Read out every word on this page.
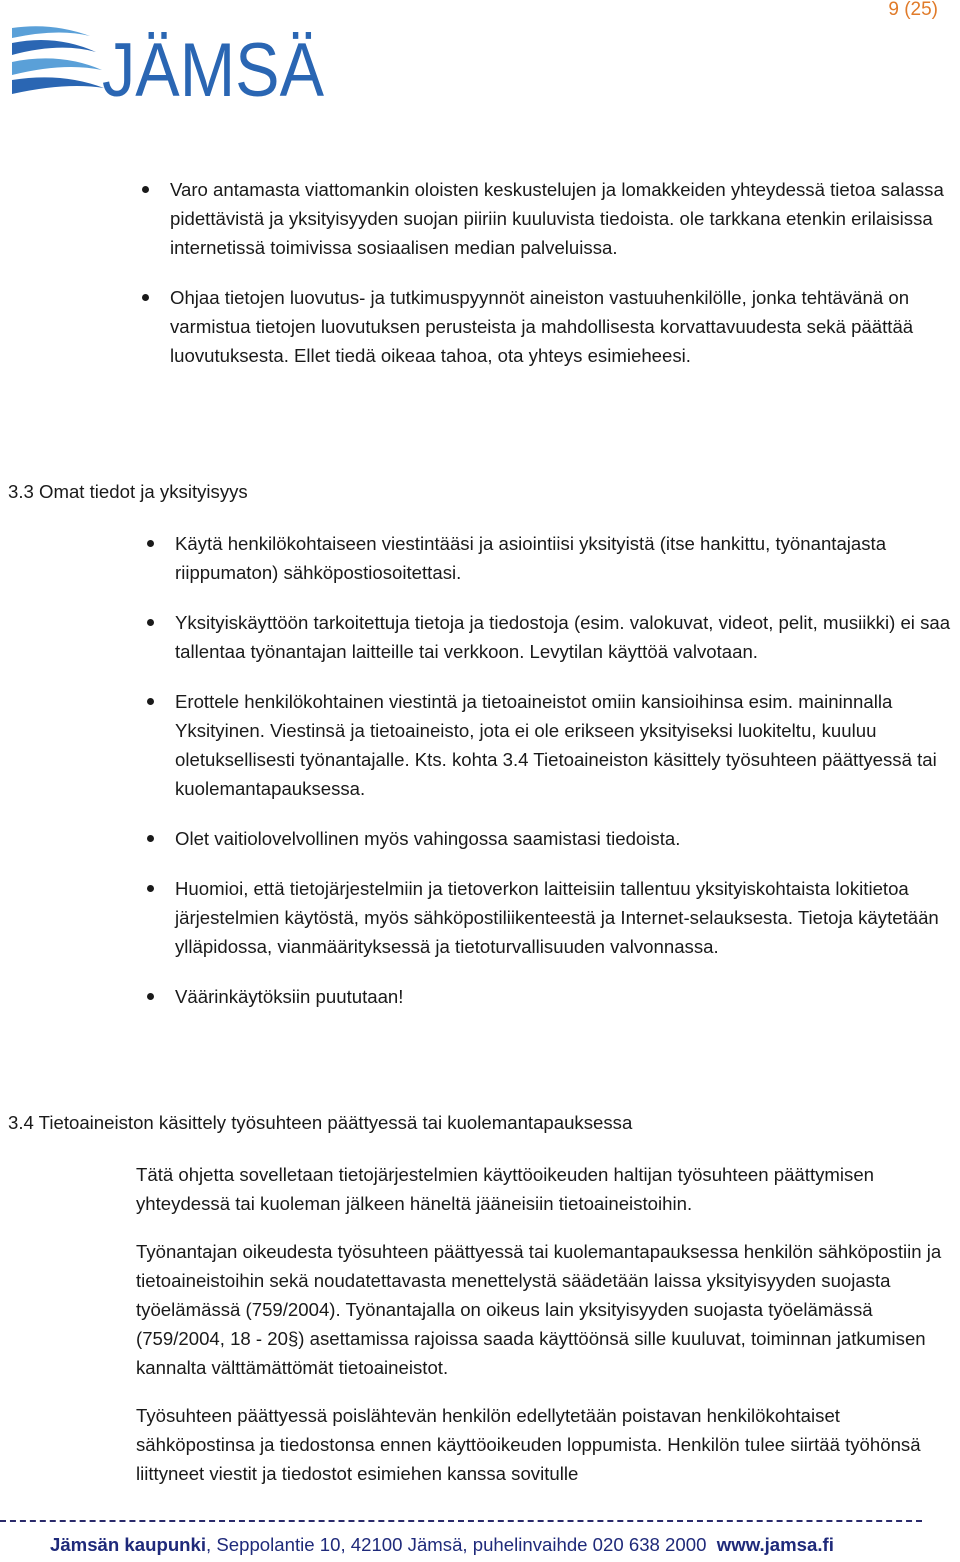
9 (25)
JÄMSÄ
Varo antamasta viattomankin oloisten keskustelujen ja lomakkeiden yhteydessä tietoa salassa pidettävistä ja yksityisyyden suojan piiriin kuuluvista tiedoista. ole tarkkana etenkin erilaisissa internetissä toimivissa sosiaalisen median palveluissa.
Ohjaa tietojen luovutus- ja tutkimuspyynnöt aineiston vastuuhenkilölle, jonka tehtävänä on varmistua tietojen luovutuksen perusteista ja mahdollisesta korvattavuudesta sekä päättää luovutuksesta. Ellet tiedä oikeaa tahoa, ota yhteys esimieheesi.
3.3 Omat tiedot ja yksityisyys
Käytä henkilökohtaiseen viestintääsi ja asiointiisi yksityistä (itse hankittu, työnantajasta riippumaton) sähköpostiosoitettasi.
Yksityiskäyttöön tarkoitettuja tietoja ja tiedostoja (esim. valokuvat, videot, pelit, musiikki) ei saa tallentaa työnantajan laitteille tai verkkoon. Levytilan käyttöä valvotaan.
Erottele henkilökohtainen viestintä ja tietoaineistot omiin kansioihinsa esim. maininnalla Yksityinen. Viestinsä ja tietoaineisto, jota ei ole erikseen yksityiseksi luokiteltu, kuuluu oletuksellisesti työnantajalle. Kts. kohta 3.4 Tietoaineiston käsittely työsuhteen päättyessä tai kuolemantapauksessa.
Olet vaitiolovelvollinen myös vahingossa saamistasi tiedoista.
Huomioi, että tietojärjestelmiin ja tietoverkon laitteisiin tallentuu yksityiskohtaista lokitietoa järjestelmien käytöstä, myös sähköpostiliikenteestä ja Internet-selauksesta. Tietoja käytetään ylläpidossa, vianmäärityksessä ja tietoturvallisuuden valvonnassa.
Väärinkäytöksiin puututaan!
3.4 Tietoaineiston käsittely työsuhteen päättyessä tai kuolemantapauksessa

Tätä ohjetta sovelletaan tietojärjestelmien käyttöoikeuden haltijan työsuhteen päättymisen yhteydessä tai kuoleman jälkeen häneltä jääneisiin tietoaineistoihin.

Työnantajan oikeudesta työsuhteen päättyessä tai kuolemantapauksessa henkilön sähköpostiin ja tietoaineistoihin sekä noudatettavasta menettelystä säädetään laissa yksityisyyden suojasta työelämässä (759/2004). Työnantajalla on oikeus lain yksityisyyden suojasta työelämässä (759/2004, 18 - 20§) asettamissa rajoissa saada käyttöönsä sille kuuluvat, toiminnan jatkumisen kannalta välttämättömät tietoaineistot.

Työsuhteen päättyessä poislähtevän henkilön edellytetään poistavan henkilökohtaiset sähköpostinsa ja tiedostonsa ennen käyttöoikeuden loppumista. Henkilön tulee siirtää työhönsä liittyneet viestit ja tiedostot esimiehen kanssa sovitulle

Jämsän kaupunki, Seppolantie 10, 42100 Jämsä, puhelinvaihde 020 638 2000 www.jamsa.fi
